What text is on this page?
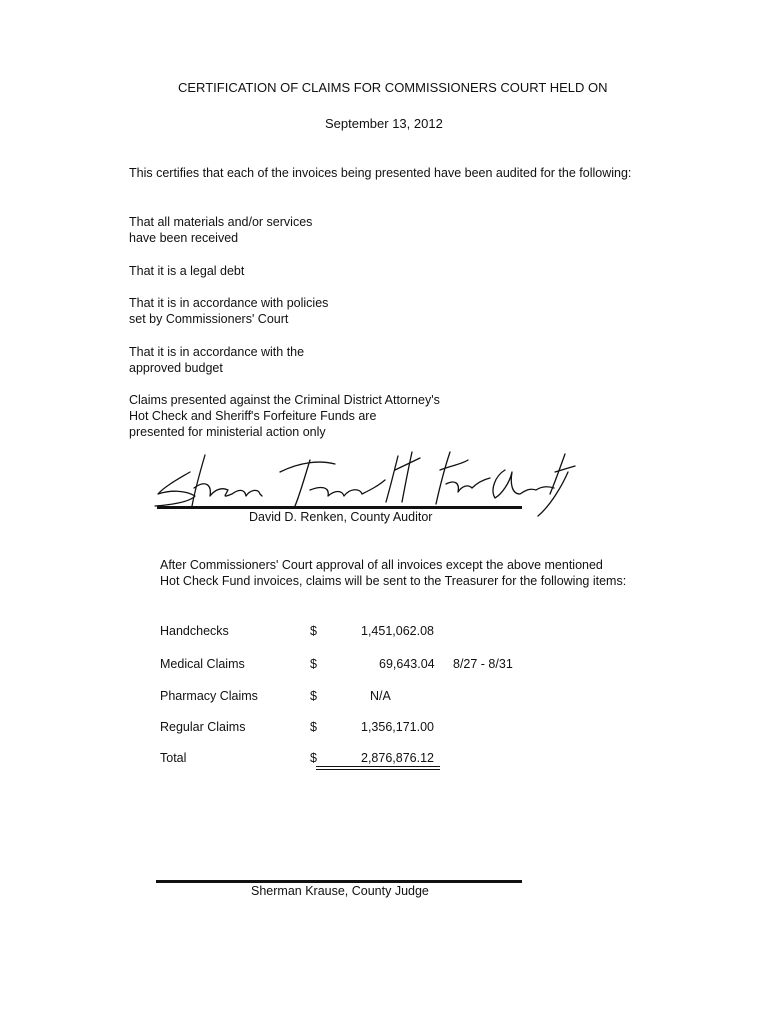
CERTIFICATION OF CLAIMS FOR COMMISSIONERS COURT HELD ON
September 13, 2012
This certifies that each of the invoices being presented have been audited for the following:
That all materials and/or services
have been received
That it is a legal debt
That it is in accordance with policies
set by Commissioners' Court
That it is in accordance with the
approved budget
Claims presented against the Criminal District Attorney's
Hot Check and Sheriff's Forfeiture Funds are
presented for ministerial action only
David D. Renken, County Auditor
After Commissioners' Court approval of all invoices except the above mentioned
Hot Check Fund invoices, claims will be sent to the Treasurer for the following items:
Handchecks	$	1,451,062.08
Medical Claims	$	69,643.04 8/27 - 8/31
Pharmacy Claims	$	N/A
Regular Claims	$	1,356,171.00
Total	$	2,876,876.12
Sherman Krause, County Judge
